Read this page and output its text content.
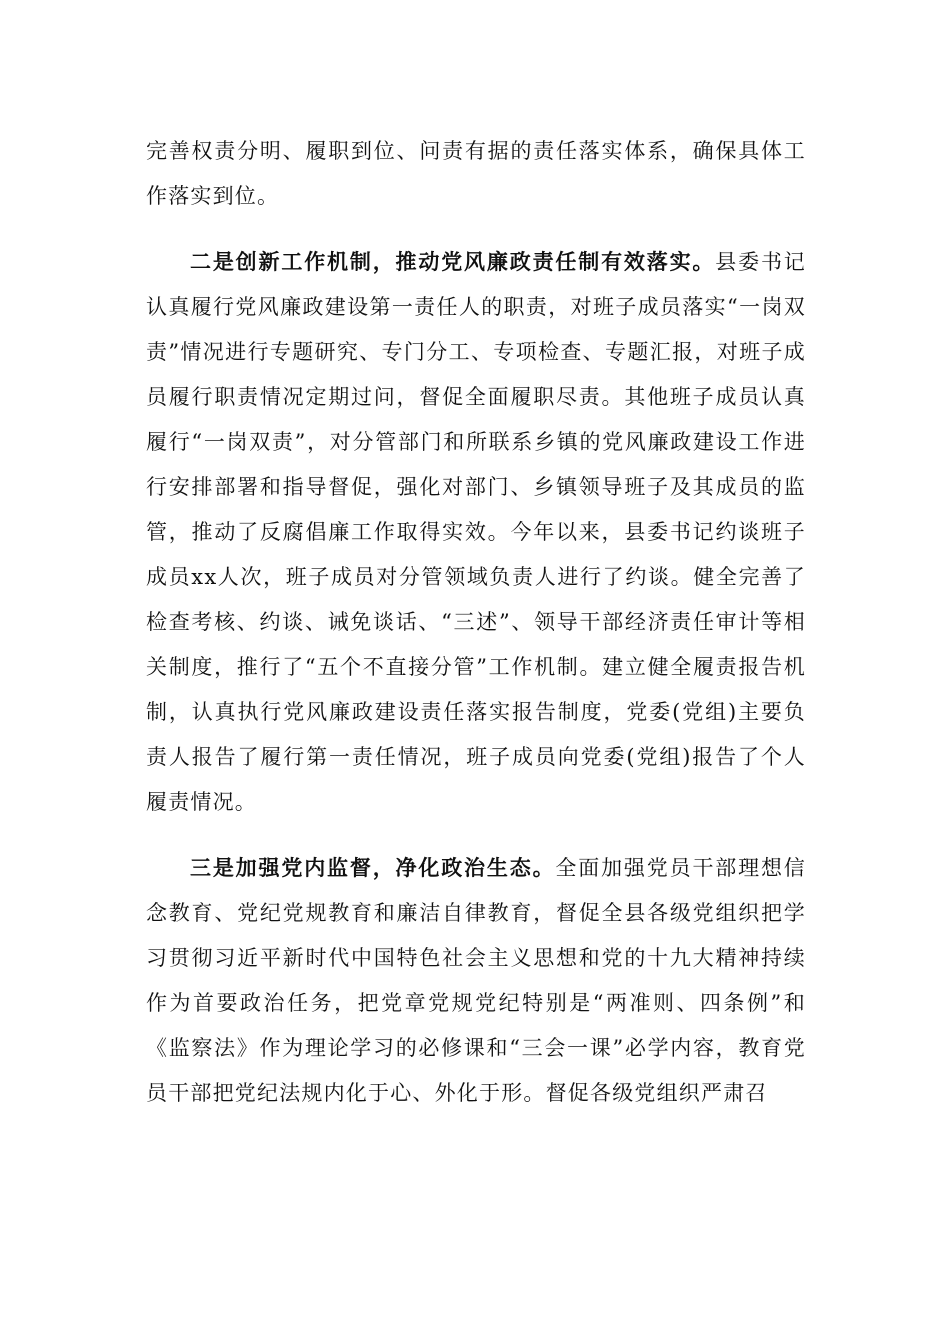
完善权责分明、履职到位、问责有据的责任落实体系，确保具体工作落实到位。

二是创新工作机制，推动党风廉政责任制有效落实。县委书记认真履行党风廉政建设第一责任人的职责，对班子成员落实“一岗双责”情况进行专题研究、专门分工、专项检查、专题汇报，对班子成员履行职责情况定期过问，督促全面履职尽责。其他班子成员认真履行“一岗双责”，对分管部门和所联系乡镇的党风廉政建设工作进行安排部署和指导督促，强化对部门、乡镇领导班子及其成员的监管，推动了反腐倡廉工作取得实效。今年以来，县委书记约谈班子成员xx人次，班子成员对分管领域负责人进行了约谈。健全完善了检查考核、约谈、诫免谈话、“三述”、领导干部经济责任审计等相关制度，推行了“五个不直接分管”工作机制。建立健全履责报告机制，认真执行党风廉政建设责任落实报告制度，党委(党组)主要负责人报告了履行第一责任情况，班子成员向党委(党组)报告了个人履责情况。

三是加强党内监督，净化政治生态。全面加强党员干部理想信念教育、党纪党规教育和廉洁自律教育，督促全县各级党组织把学习贯彻习近平新时代中国特色社会主义思想和党的十九大精神持续作为首要政治任务，把党章党规党纪特别是“两准则、四条例”和《监察法》作为理论学习的必修课和“三会一课”必学内容，教育党员干部把党纪法规内化于心、外化于形。督促各级党组织严肃召
